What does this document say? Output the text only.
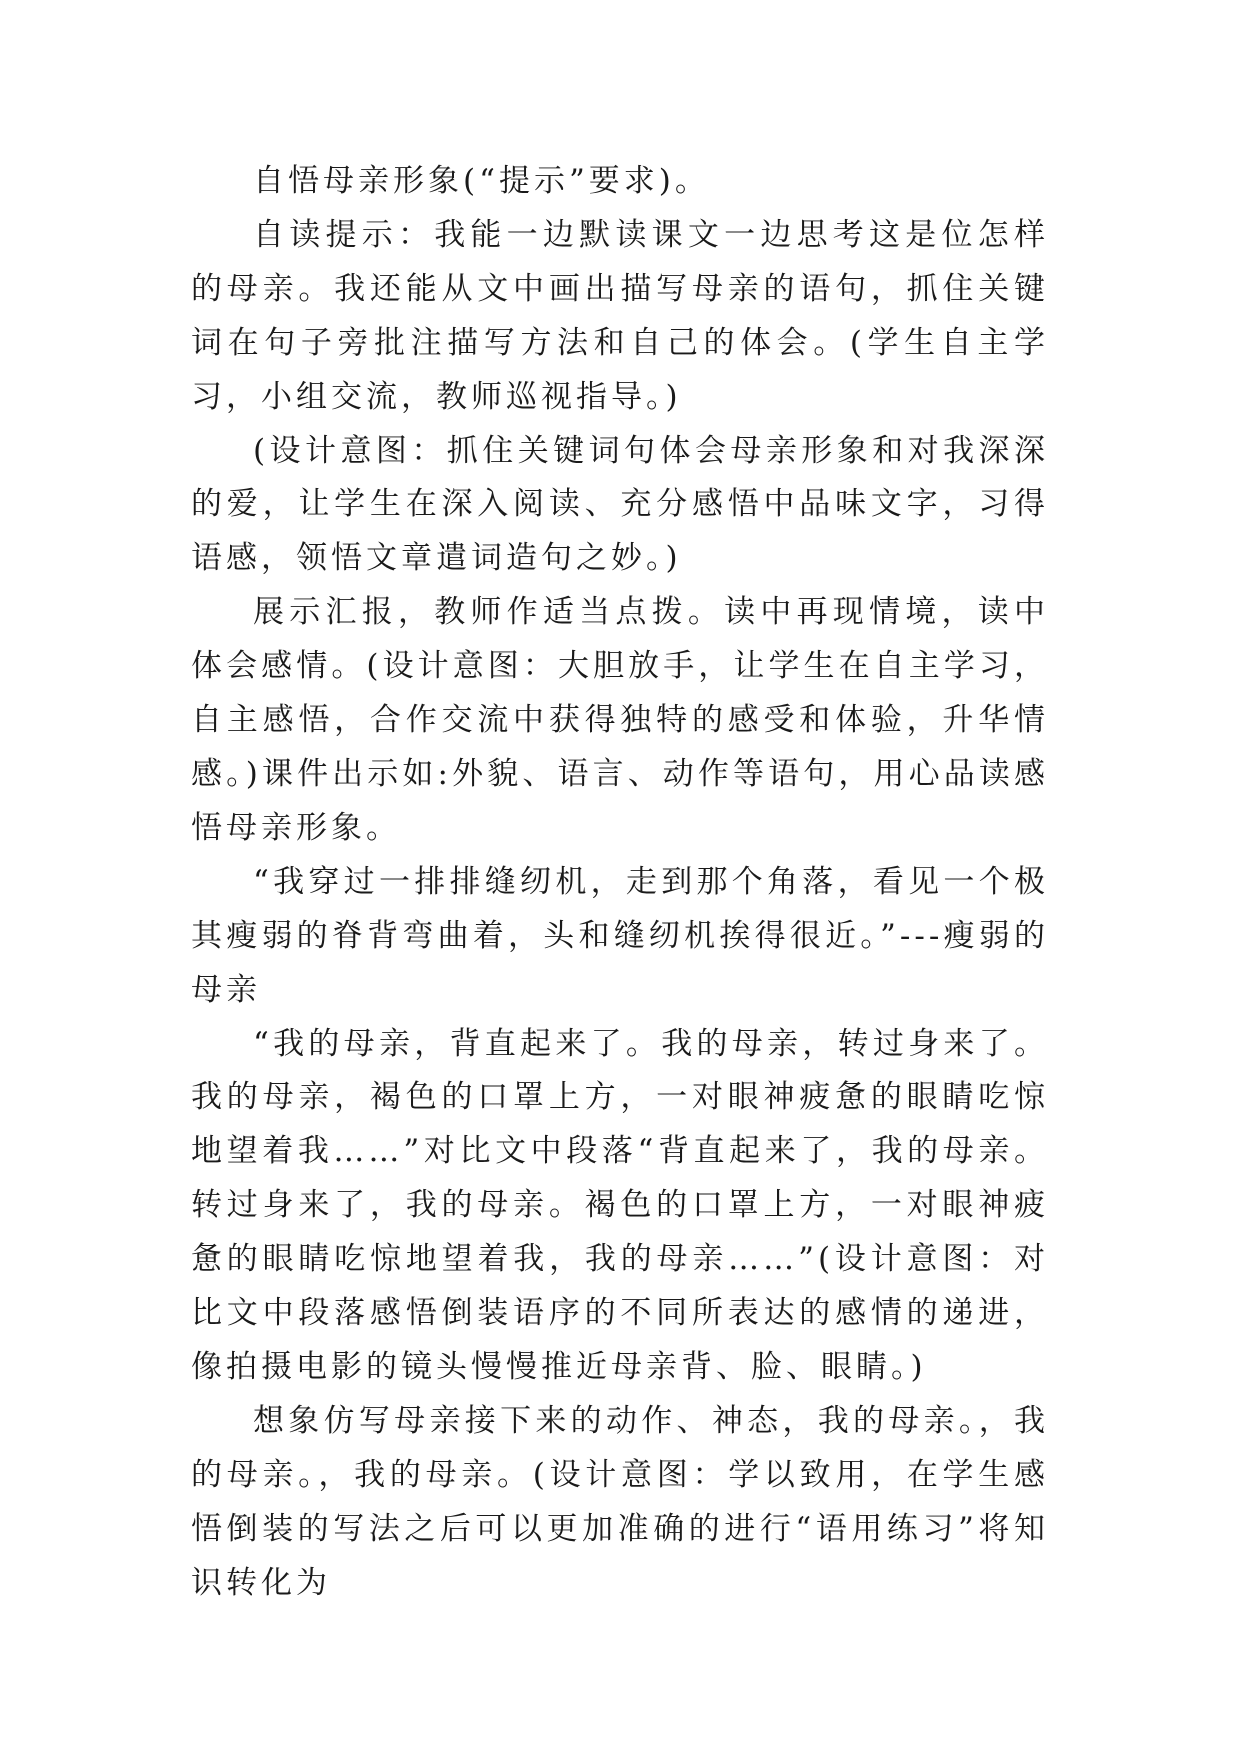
自悟母亲形象(“提示”要求)。

自读提示：我能一边默读课文一边思考这是位怎样的母亲。我还能从文中画出描写母亲的语句，抓住关键词在句子旁批注描写方法和自己的体会。(学生自主学习，小组交流，教师巡视指导。)

(设计意图：抓住关键词句体会母亲形象和对我深深的爱，让学生在深入阅读、充分感悟中品味文字，习得语感，领悟文章遣词造句之妙。)

展示汇报，教师作适当点拨。读中再现情境，读中体会感情。(设计意图：大胆放手，让学生在自主学习，自主感悟，合作交流中获得独特的感受和体验，升华情感。)课件出示如:外貌、语言、动作等语句，用心品读感悟母亲形象。

“我穿过一排排缝纫机，走到那个角落，看见一个极其瘦弱的脊背弯曲着，头和缝纫机挨得很近。”---瘦弱的母亲

“我的母亲，背直起来了。我的母亲，转过身来了。我的母亲，褐色的口罩上方，一对眼神疲惫的眼睛吃惊地望着我……”对比文中段落“背直起来了，我的母亲。转过身来了，我的母亲。褐色的口罩上方，一对眼神疲惫的眼睛吃惊地望着我，我的母亲……”(设计意图：对比文中段落感悟倒装语序的不同所表达的感情的递进，像拍摄电影的镜头慢慢推近母亲背、脸、眼睛。)

想象仿写母亲接下来的动作、神态，我的母亲。，我的母亲。，我的母亲。(设计意图：学以致用，在学生感悟倒装的写法之后可以更加准确的进行“语用练习”将知识转化为
